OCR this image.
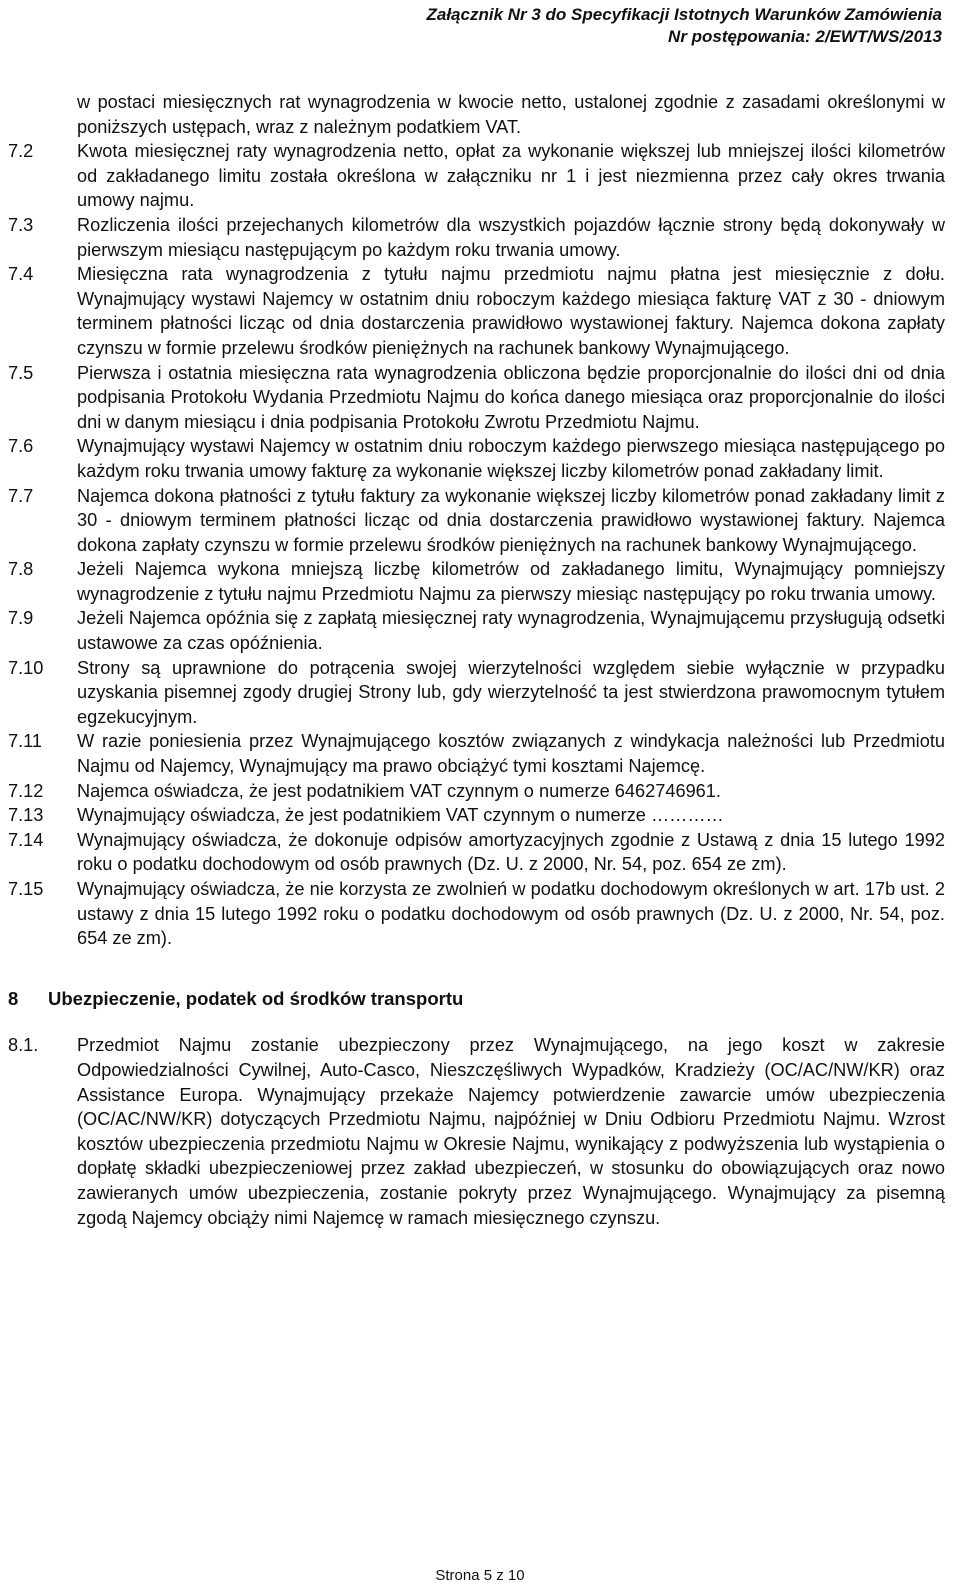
Załącznik Nr 3 do Specyfikacji Istotnych Warunków Zamówienia
Nr postępowania: 2/EWT/WS/2013
w postaci miesięcznych rat wynagrodzenia w kwocie netto, ustalonej zgodnie z zasadami określonymi w poniższych ustępach, wraz z należnym podatkiem VAT.
7.2	Kwota miesięcznej raty wynagrodzenia netto, opłat za wykonanie większej lub mniejszej ilości kilometrów od zakładanego limitu została określona w załączniku nr 1 i jest niezmienna przez cały okres trwania umowy najmu.
7.3	Rozliczenia ilości przejechanych kilometrów dla wszystkich pojazdów łącznie strony będą dokonywały w pierwszym miesiącu następującym po każdym roku trwania umowy.
7.4	Miesięczna rata wynagrodzenia z tytułu najmu przedmiotu najmu płatna jest miesięcznie z dołu. Wynajmujący wystawi Najemcy w ostatnim dniu roboczym każdego miesiąca fakturę VAT z 30 - dniowym terminem płatności licząc od dnia dostarczenia prawidłowo wystawionej faktury. Najemca dokona zapłaty czynszu w formie przelewu środków pieniężnych na rachunek bankowy Wynajmującego.
7.5	Pierwsza i ostatnia miesięczna rata wynagrodzenia obliczona będzie proporcjonalnie do ilości dni od dnia podpisania Protokołu Wydania Przedmiotu Najmu do końca danego miesiąca oraz proporcjonalnie do ilości dni w danym miesiącu i dnia podpisania Protokołu Zwrotu Przedmiotu Najmu.
7.6	Wynajmujący wystawi Najemcy w ostatnim dniu roboczym każdego pierwszego miesiąca następującego po każdym roku trwania umowy fakturę za wykonanie większej liczby kilometrów ponad zakładany limit.
7.7	Najemca dokona płatności z tytułu faktury za wykonanie większej liczby kilometrów ponad zakładany limit z 30 - dniowym terminem płatności licząc od dnia dostarczenia prawidłowo wystawionej faktury. Najemca dokona zapłaty czynszu w formie przelewu środków pieniężnych na rachunek bankowy Wynajmującego.
7.8	Jeżeli Najemca wykona mniejszą liczbę kilometrów od zakładanego limitu, Wynajmujący pomniejszy wynagrodzenie z tytułu najmu Przedmiotu Najmu za pierwszy miesiąc następujący po roku trwania umowy.
7.9	Jeżeli Najemca opóźnia się z zapłatą miesięcznej raty wynagrodzenia, Wynajmującemu przysługują odsetki ustawowe za czas opóźnienia.
7.10	Strony są uprawnione do potrącenia swojej wierzytelności względem siebie wyłącznie w przypadku uzyskania pisemnej zgody drugiej Strony lub, gdy wierzytelność ta jest stwierdzona prawomocnym tytułem egzekucyjnym.
7.11	W razie poniesienia przez Wynajmującego kosztów związanych z windykacja należności lub Przedmiotu Najmu od Najemcy, Wynajmujący ma prawo obciążyć tymi kosztami Najemcę.
7.12	Najemca oświadcza, że jest podatnikiem VAT czynnym o numerze 6462746961.
7.13	Wynajmujący oświadcza, że jest podatnikiem VAT czynnym o numerze …………
7.14	Wynajmujący oświadcza, że dokonuje odpisów amortyzacyjnych zgodnie z Ustawą z dnia 15 lutego 1992 roku o podatku dochodowym od osób prawnych (Dz. U. z 2000, Nr. 54, poz. 654 ze zm).
7.15	Wynajmujący oświadcza, że nie korzysta ze zwolnień w podatku dochodowym określonych w art. 17b ust. 2 ustawy z dnia 15 lutego 1992 roku o podatku dochodowym od osób prawnych (Dz. U. z 2000, Nr. 54, poz. 654 ze zm).
8	Ubezpieczenie, podatek od środków transportu
8.1.	Przedmiot Najmu zostanie ubezpieczony przez Wynajmującego, na jego koszt w zakresie Odpowiedzialności Cywilnej, Auto-Casco, Nieszczęśliwych Wypadków, Kradzieży (OC/AC/NW/KR) oraz Assistance Europa. Wynajmujący przekaże Najemcy potwierdzenie zawarcie umów ubezpieczenia (OC/AC/NW/KR) dotyczących Przedmiotu Najmu, najpóźniej w Dniu Odbioru Przedmiotu Najmu. Wzrost kosztów ubezpieczenia przedmiotu Najmu w Okresie Najmu, wynikający z podwyższenia lub wystąpienia o dopłatę składki ubezpieczeniowej przez zakład ubezpieczeń, w stosunku do obowiązujących oraz nowo zawieranych umów ubezpieczenia, zostanie pokryty przez Wynajmującego. Wynajmujący za pisemną zgodą Najemcy obciąży nimi Najemcę w ramach miesięcznego czynszu.
Strona 5 z 10
